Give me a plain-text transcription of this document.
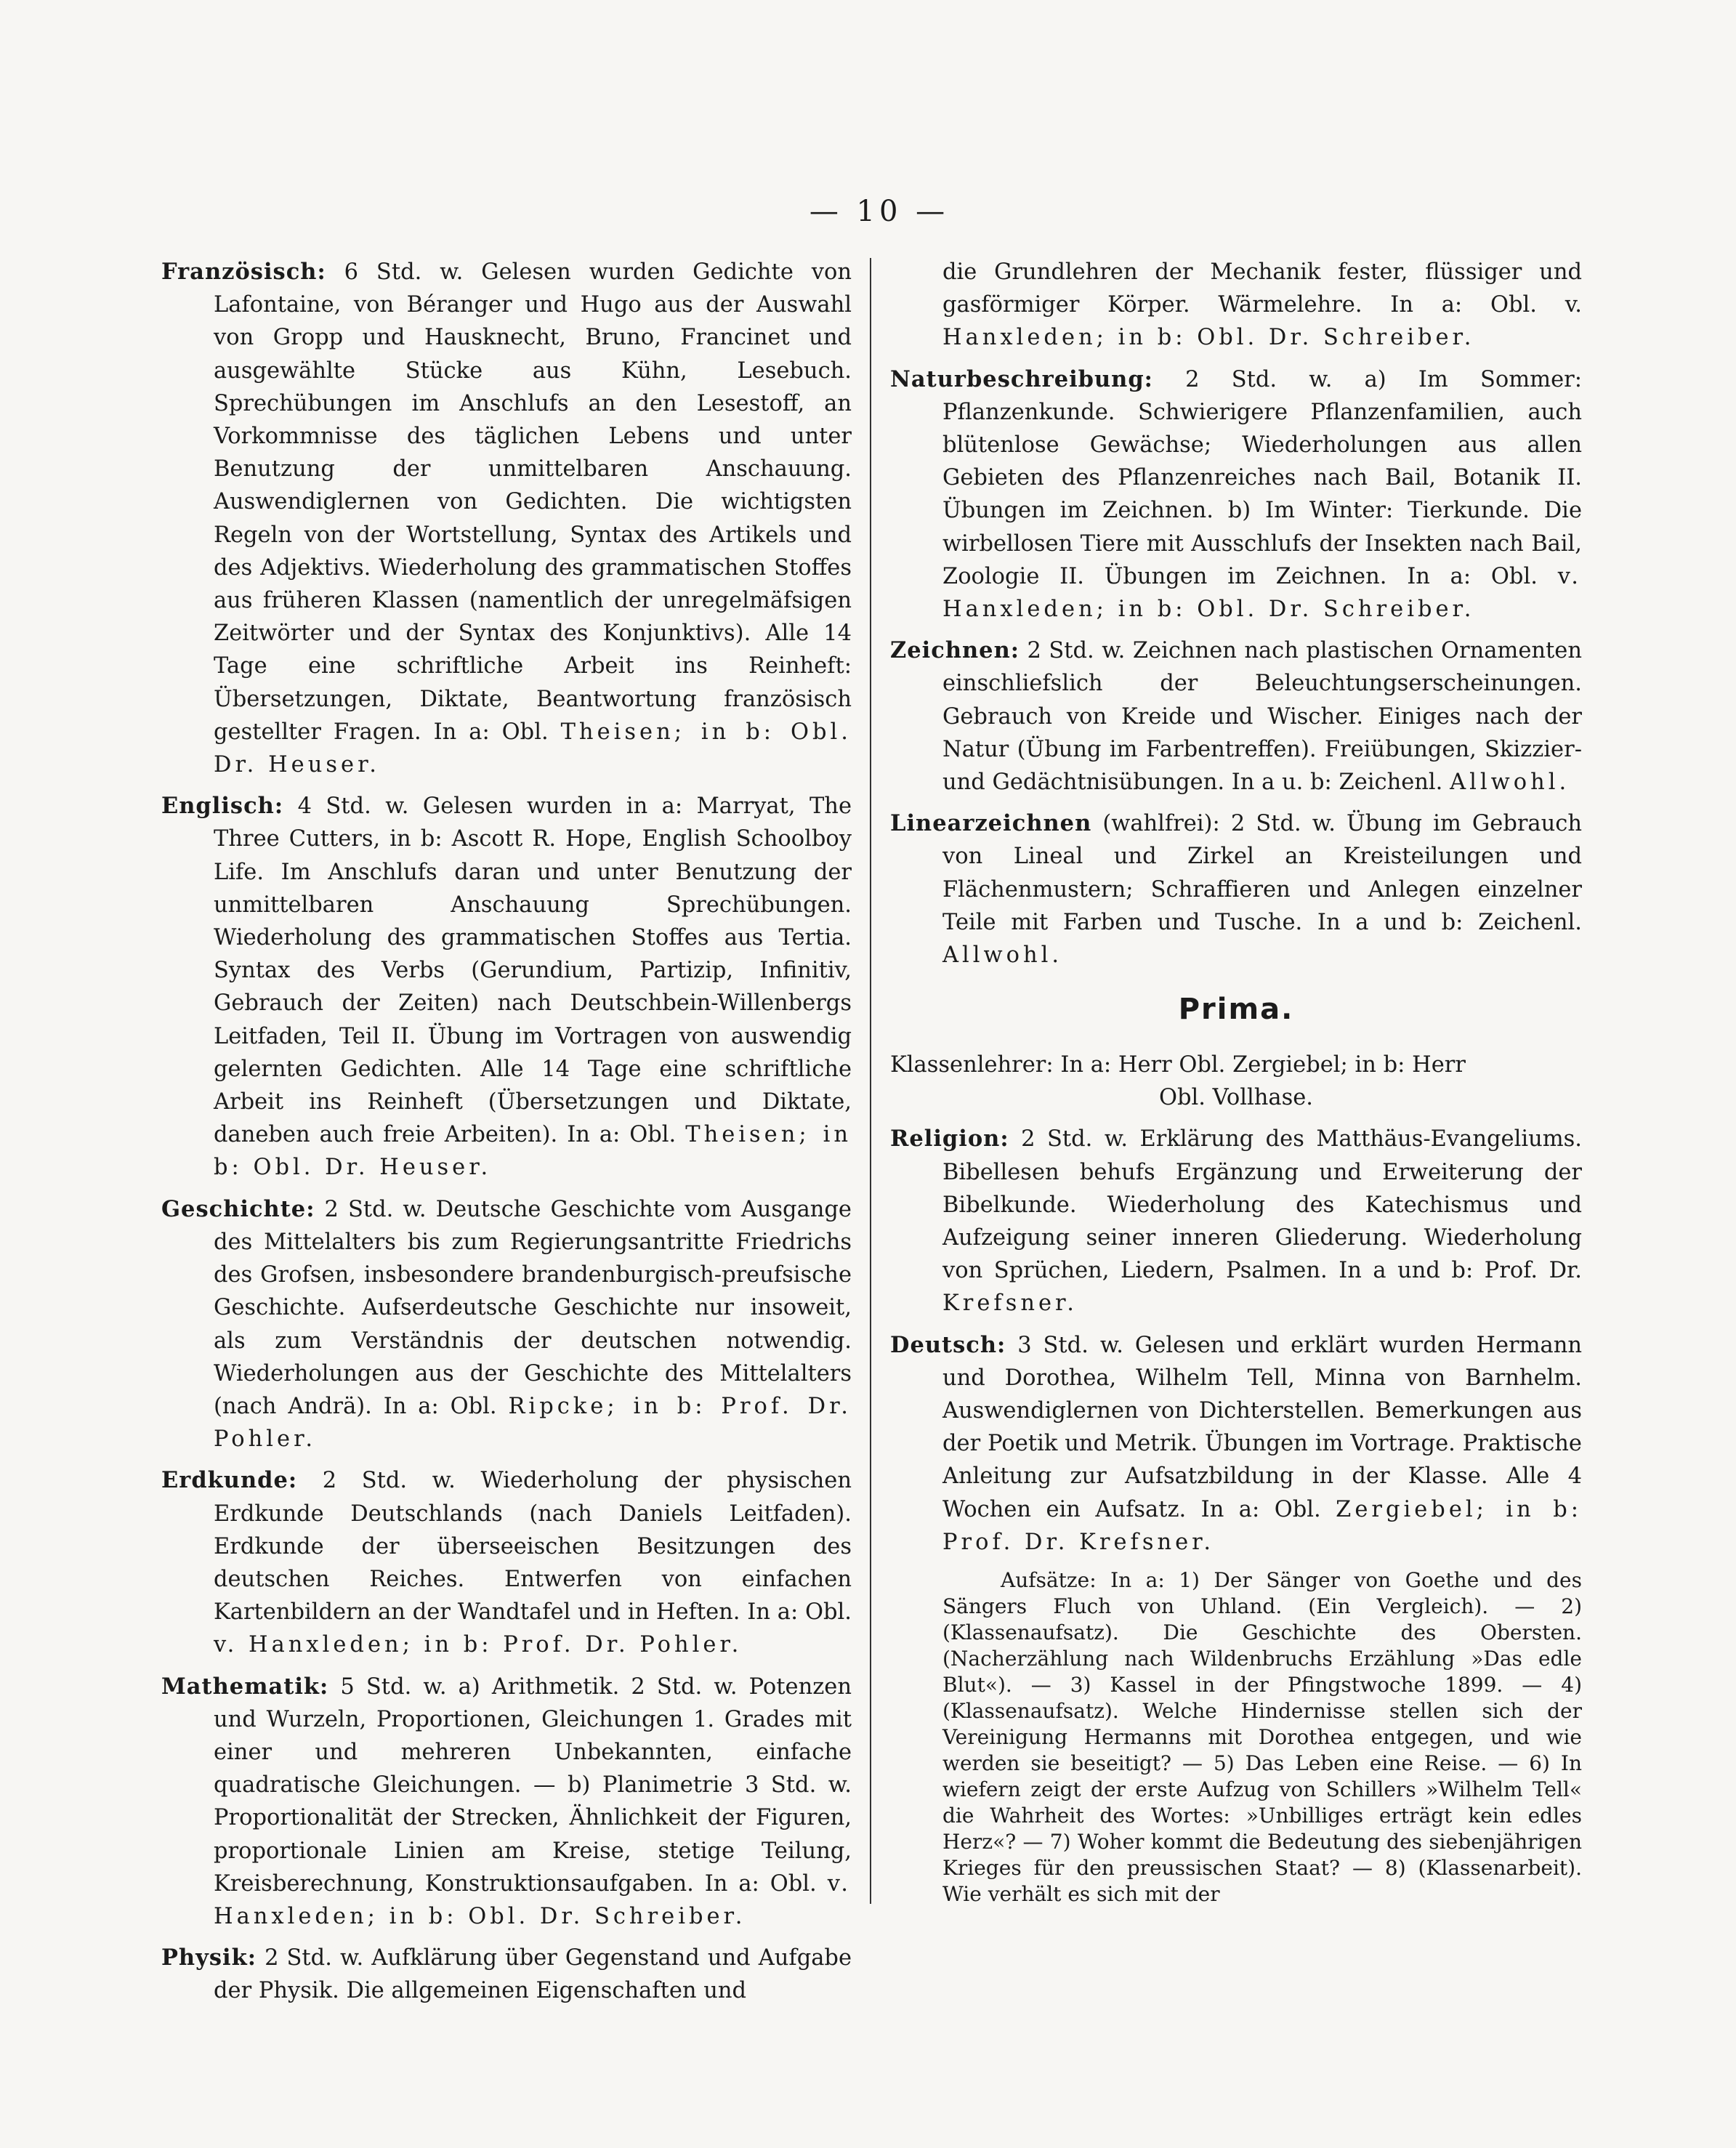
— 10 —

Französisch: 6 Std. w. Gelesen wurden Gedichte von Lafontaine, von Béranger und Hugo aus der Auswahl von Gropp und Hausknecht, Bruno, Francinet und ausgewählte Stücke aus Kühn, Lesebuch. Sprechübungen im Anschlufs an den Lesestoff, an Vorkommnisse des täglichen Lebens und unter Benutzung der unmittelbaren Anschauung. Auswendiglernen von Gedichten. Die wichtigsten Regeln von der Wortstellung, Syntax des Artikels und des Adjektivs. Wiederholung des grammatischen Stoffes aus früheren Klassen (namentlich der unregelmäfsigen Zeitwörter und der Syntax des Konjunktivs). Alle 14 Tage eine schriftliche Arbeit ins Reinheft: Übersetzungen, Diktate, Beantwortung französisch gestellter Fragen. In a: Obl. Theisen; in b: Obl. Dr. Heuser.

Englisch: 4 Std. w. Gelesen wurden in a: Marryat, The Three Cutters, in b: Ascott R. Hope, English Schoolboy Life. Im Anschlufs daran und unter Benutzung der unmittelbaren Anschauung Sprechübungen. Wiederholung des grammatischen Stoffes aus Tertia. Syntax des Verbs (Gerundium, Partizip, Infinitiv, Gebrauch der Zeiten) nach Deutschbein-Willenbergs Leitfaden, Teil II. Übung im Vortragen von auswendig gelernten Gedichten. Alle 14 Tage eine schriftliche Arbeit ins Reinheft (Übersetzungen und Diktate, daneben auch freie Arbeiten). In a: Obl. Theisen; in b: Obl. Dr. Heuser.

Geschichte: 2 Std. w. Deutsche Geschichte vom Ausgange des Mittelalters bis zum Regierungsantritte Friedrichs des Grofsen, insbesondere brandenburgisch-preufsische Geschichte. Aufserdeutsche Geschichte nur insoweit, als zum Verständnis der deutschen notwendig. Wiederholungen aus der Geschichte des Mittelalters (nach Andrä). In a: Obl. Ripcke; in b: Prof. Dr. Pohler.

Erdkunde: 2 Std. w. Wiederholung der physischen Erdkunde Deutschlands (nach Daniels Leitfaden). Erdkunde der überseeischen Besitzungen des deutschen Reiches. Entwerfen von einfachen Kartenbildern an der Wandtafel und in Heften. In a: Obl. v. Hanxleden; in b: Prof. Dr. Pohler.

Mathematik: 5 Std. w. a) Arithmetik. 2 Std. w. Potenzen und Wurzeln, Proportionen, Gleichungen 1. Grades mit einer und mehreren Unbekannten, einfache quadratische Gleichungen. — b) Planimetrie 3 Std. w. Proportionalität der Strecken, Ähnlichkeit der Figuren, proportionale Linien am Kreise, stetige Teilung, Kreisberechnung, Konstruktionsaufgaben. In a: Obl. v. Hanxleden; in b: Obl. Dr. Schreiber.

Physik: 2 Std. w. Aufklärung über Gegenstand und Aufgabe der Physik. Die allgemeinen Eigenschaften und

die Grundlehren der Mechanik fester, flüssiger und gasförmiger Körper. Wärmelehre. In a: Obl. v. Hanxleden; in b: Obl. Dr. Schreiber.

Naturbeschreibung: 2 Std. w. a) Im Sommer: Pflanzenkunde. Schwierigere Pflanzenfamilien, auch blütenlose Gewächse; Wiederholungen aus allen Gebieten des Pflanzenreiches nach Bail, Botanik II. Übungen im Zeichnen. b) Im Winter: Tierkunde. Die wirbellosen Tiere mit Ausschlufs der Insekten nach Bail, Zoologie II. Übungen im Zeichnen. In a: Obl. v. Hanxleden; in b: Obl. Dr. Schreiber.

Zeichnen: 2 Std. w. Zeichnen nach plastischen Ornamenten einschliefslich der Beleuchtungserscheinungen. Gebrauch von Kreide und Wischer. Einiges nach der Natur (Übung im Farbentreffen). Freiübungen, Skizzier- und Gedächtnisübungen. In a u. b: Zeichenl. Allwohl.

Linearzeichnen (wahlfrei): 2 Std. w. Übung im Gebrauch von Lineal und Zirkel an Kreisteilungen und Flächenmustern; Schraffieren und Anlegen einzelner Teile mit Farben und Tusche. In a und b: Zeichenl. Allwohl.

Prima.

Klassenlehrer: In a: Herr Obl. Zergiebel; in b: Herr
Obl. Vollhase.

Religion: 2 Std. w. Erklärung des Matthäus-Evangeliums. Bibellesen behufs Ergänzung und Erweiterung der Bibelkunde. Wiederholung des Katechismus und Aufzeigung seiner inneren Gliederung. Wiederholung von Sprüchen, Liedern, Psalmen. In a und b: Prof. Dr. Krefsner.

Deutsch: 3 Std. w. Gelesen und erklärt wurden Hermann und Dorothea, Wilhelm Tell, Minna von Barnhelm. Auswendiglernen von Dichterstellen. Bemerkungen aus der Poetik und Metrik. Übungen im Vortrage. Praktische Anleitung zur Aufsatzbildung in der Klasse. Alle 4 Wochen ein Aufsatz. In a: Obl. Zergiebel; in b: Prof. Dr. Krefsner.

Aufsätze: In a: 1) Der Sänger von Goethe und des Sängers Fluch von Uhland. (Ein Vergleich). — 2) (Klassenaufsatz). Die Geschichte des Obersten. (Nacherzählung nach Wildenbruchs Erzählung »Das edle Blut«). — 3) Kassel in der Pfingstwoche 1899. — 4) (Klassenaufsatz). Welche Hindernisse stellen sich der Vereinigung Hermanns mit Dorothea entgegen, und wie werden sie beseitigt? — 5) Das Leben eine Reise. — 6) In wiefern zeigt der erste Aufzug von Schillers »Wilhelm Tell« die Wahrheit des Wortes: »Unbilliges erträgt kein edles Herz«? — 7) Woher kommt die Bedeutung des siebenjährigen Krieges für den preussischen Staat? — 8) (Klassenarbeit). Wie verhält es sich mit der
